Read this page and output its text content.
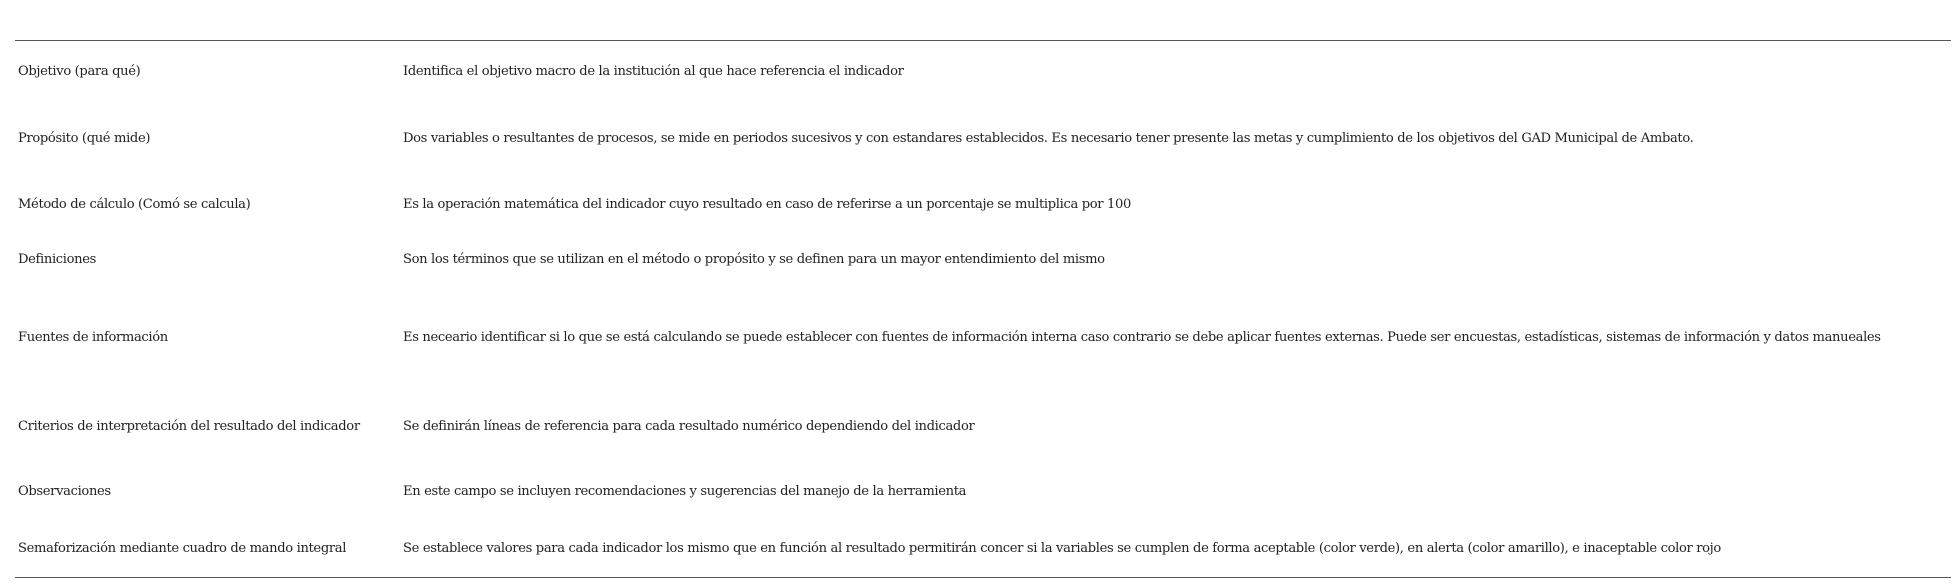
Objetivo (para qué)	Identifica el objetivo macro de la institución al que hace referencia el indicador
Propósito (qué mide)	Dos variables o resultantes de procesos, se mide en periodos sucesivos y con estandares establecidos. Es necesario tener presente las metas y cumplimiento de los objetivos del GAD Municipal de Ambato.
Método de cálculo (Comó se calcula)	Es la operación matemática del indicador cuyo resultado en caso de referirse a un porcentaje se multiplica por 100
Definiciones	Son los términos que se utilizan en el método o propósito y se definen para un mayor entendimiento del mismo
Fuentes de información	Es neceario identificar si lo que se está calculando se puede establecer con fuentes de información interna caso contrario se debe aplicar fuentes externas. Puede ser encuestas, estadísticas, sistemas de información y datos manueales
Criterios de interpretación del resultado del indicador	Se definirán líneas de referencia para cada resultado numérico dependiendo del indicador
Observaciones	En este campo se incluyen recomendaciones y sugerencias del manejo de la herramienta
Semaforización mediante cuadro de mando integral	Se establece valores para cada indicador los mismo que en función al resultado permitirán concer si la variables se cumplen de forma aceptable (color verde), en alerta (color amarillo), e inaceptable color rojo
